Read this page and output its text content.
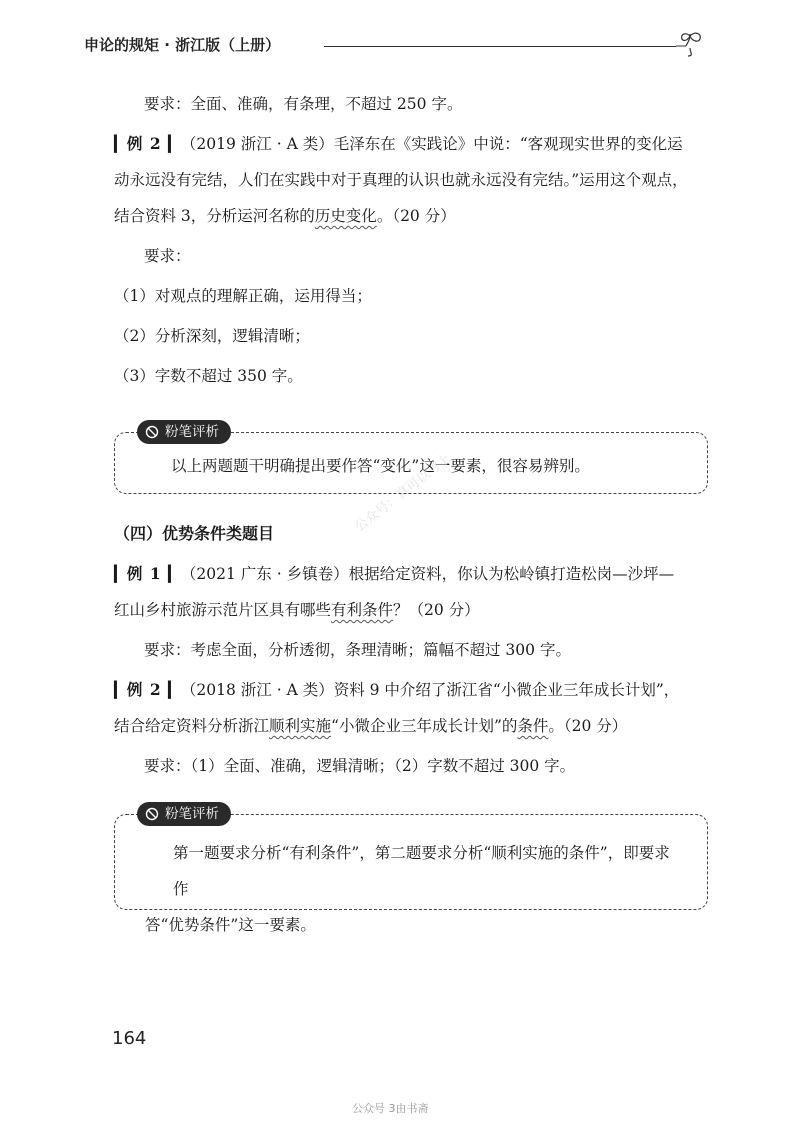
申论的规矩 · 浙江版（上册）

要求：全面、准确，有条理，不超过 250 字。

▎例 2 ▎（2019 浙江 · A 类）毛泽东在《实践论》中说：“客观现实世界的变化运

动永远没有完结，人们在实践中对于真理的认识也就永远没有完结。”运用这个观点，

结合资料 3，分析运河名称的历史变化。（20 分）

要求：

（1）对观点的理解正确，运用得当；

（2）分析深刻，逻辑清晰；

（3）字数不超过 350 字。

粉笔评析
以上两题题干明确提出要作答“变化”这一要素，很容易辨别。

（四）优势条件类题目

▎例 1 ▎（2021 广东 · 乡镇卷）根据给定资料，你认为松岭镇打造松岗—沙坪—

红山乡村旅游示范片区具有哪些有利条件？（20 分）

要求：考虑全面，分析透彻，条理清晰；篇幅不超过 300 字。

▎例 2 ▎（2018 浙江 · A 类）资料 9 中介绍了浙江省“小微企业三年成长计划”，

结合给定资料分析浙江顺利实施“小微企业三年成长计划”的条件。（20 分）

要求：（1）全面、准确，逻辑清晰；（2）字数不超过 300 字。

粉笔评析
第一题要求分析“有利条件”，第二题要求分析“顺利实施的条件”，即要求作
答“优势条件”这一要素。
公众号：真可以考上
164
公众号 3由书斋
